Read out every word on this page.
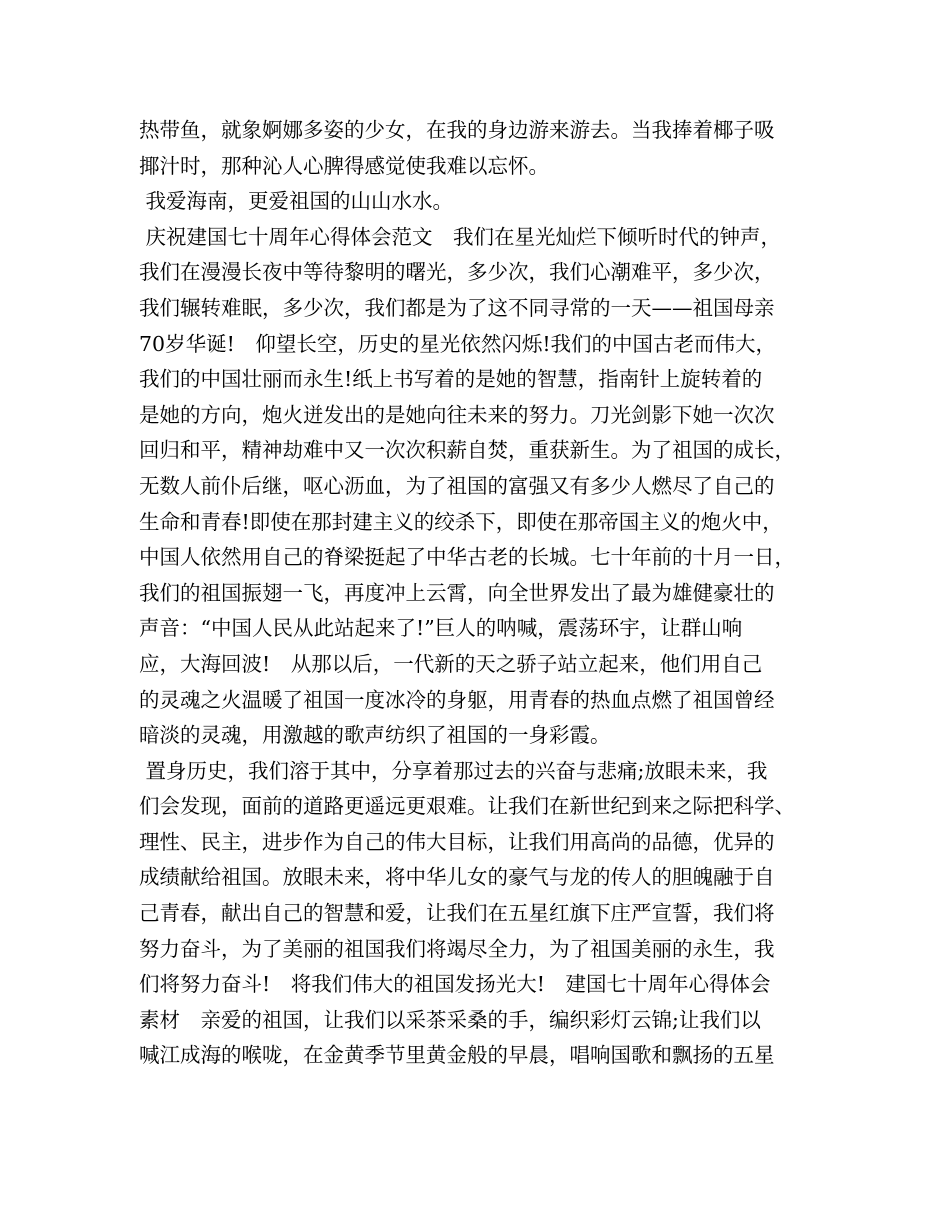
热带鱼，就象婀娜多姿的少女，在我的身边游来游去。当我捧着椰子吸
揶汁时，那种沁人心脾得感觉使我难以忘怀。
我爱海南，更爱祖国的山山水水。
庆祝建国七十周年心得体会范文　我们在星光灿烂下倾听时代的钟声，
我们在漫漫长夜中等待黎明的曙光，多少次，我们心潮难平，多少次，
我们辗转难眠，多少次，我们都是为了这不同寻常的一天——祖国母亲
70岁华诞!　仰望长空，历史的星光依然闪烁!我们的中国古老而伟大，
我们的中国壮丽而永生!纸上书写着的是她的智慧，指南针上旋转着的
是她的方向，炮火迸发出的是她向往未来的努力。刀光剑影下她一次次
回归和平，精神劫难中又一次次积薪自焚，重获新生。为了祖国的成长，
无数人前仆后继，呕心沥血，为了祖国的富强又有多少人燃尽了自己的
生命和青春!即使在那封建主义的绞杀下，即使在那帝国主义的炮火中，
中国人依然用自己的脊梁挺起了中华古老的长城。七十年前的十月一日，
我们的祖国振翅一飞，再度冲上云霄，向全世界发出了最为雄健豪壮的
声音：“中国人民从此站起来了!”巨人的呐喊，震荡环宇，让群山响
应，大海回波!　从那以后，一代新的天之骄子站立起来，他们用自己
的灵魂之火温暖了祖国一度冰冷的身躯，用青春的热血点燃了祖国曾经
暗淡的灵魂，用激越的歌声纺织了祖国的一身彩霞。
置身历史，我们溶于其中，分享着那过去的兴奋与悲痛;放眼未来，我
们会发现，面前的道路更遥远更艰难。让我们在新世纪到来之际把科学、
理性、民主，进步作为自己的伟大目标，让我们用高尚的品德，优异的
成绩献给祖国。放眼未来，将中华儿女的豪气与龙的传人的胆魄融于自
己青春，献出自己的智慧和爱，让我们在五星红旗下庄严宣誓，我们将
努力奋斗，为了美丽的祖国我们将竭尽全力，为了祖国美丽的永生，我
们将努力奋斗!　将我们伟大的祖国发扬光大!　建国七十周年心得体会
素材　亲爱的祖国，让我们以采茶采桑的手，编织彩灯云锦;让我们以
喊江成海的喉咙，在金黄季节里黄金般的早晨，唱响国歌和飘扬的五星
